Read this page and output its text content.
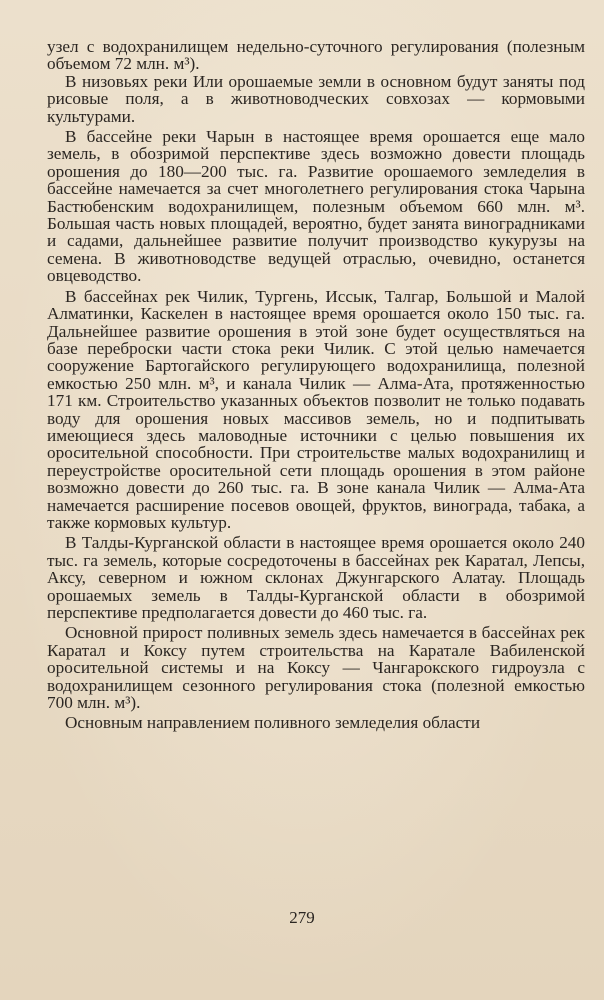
узел с водохранилищем недельно-суточного регулирования (полезным объемом 72 млн. м³).

В низовьях реки Или орошаемые земли в основном будут заняты под рисовые поля, а в животноводческих совхозах — кормовыми культурами.

В бассейне реки Чарын в настоящее время орошается еще мало земель, в обозримой перспективе здесь возможно довести площадь орошения до 180—200 тыс. га. Развитие орошаемого земледелия в бассейне намечается за счет многолетнего регулирования стока Чарына Бастюбенским водохранилищем, полезным объемом 660 млн. м³. Большая часть новых площадей, вероятно, будет занята виноградниками и садами, дальнейшее развитие получит производство кукурузы на семена. В животноводстве ведущей отраслью, очевидно, останется овцеводство.

В бассейнах рек Чилик, Тургень, Иссык, Талгар, Большой и Малой Алматинки, Каскелен в настоящее время орошается около 150 тыс. га. Дальнейшее развитие орошения в этой зоне будет осуществляться на базе переброски части стока реки Чилик. С этой целью намечается сооружение Бартогайского регулирующего водохранилища, полезной емкостью 250 млн. м³, и канала Чилик — Алма-Ата, протяженностью 171 км. Строительство указанных объектов позволит не только подавать воду для орошения новых массивов земель, но и подпитывать имеющиеся здесь маловодные источники с целью повышения их оросительной способности. При строительстве малых водохранилищ и переустройстве оросительной сети площадь орошения в этом районе возможно довести до 260 тыс. га. В зоне канала Чилик — Алма-Ата намечается расширение посевов овощей, фруктов, винограда, табака, а также кормовых культур.

В Талды-Курганской области в настоящее время орошается около 240 тыс. га земель, которые сосредоточены в бассейнах рек Каратал, Лепсы, Аксу, северном и южном склонах Джунгарского Алатау. Площадь орошаемых земель в Талды-Курганской области в обозримой перспективе предполагается довести до 460 тыс. га.

Основной прирост поливных земель здесь намечается в бассейнах рек Каратал и Коксу путем строительства на Каратале Вабиленской оросительной системы и на Коксу — Чангарокского гидроузла с водохранилищем сезонного регулирования стока (полезной емкостью 700 млн. м³).

Основным направлением поливного земледелия области

279
